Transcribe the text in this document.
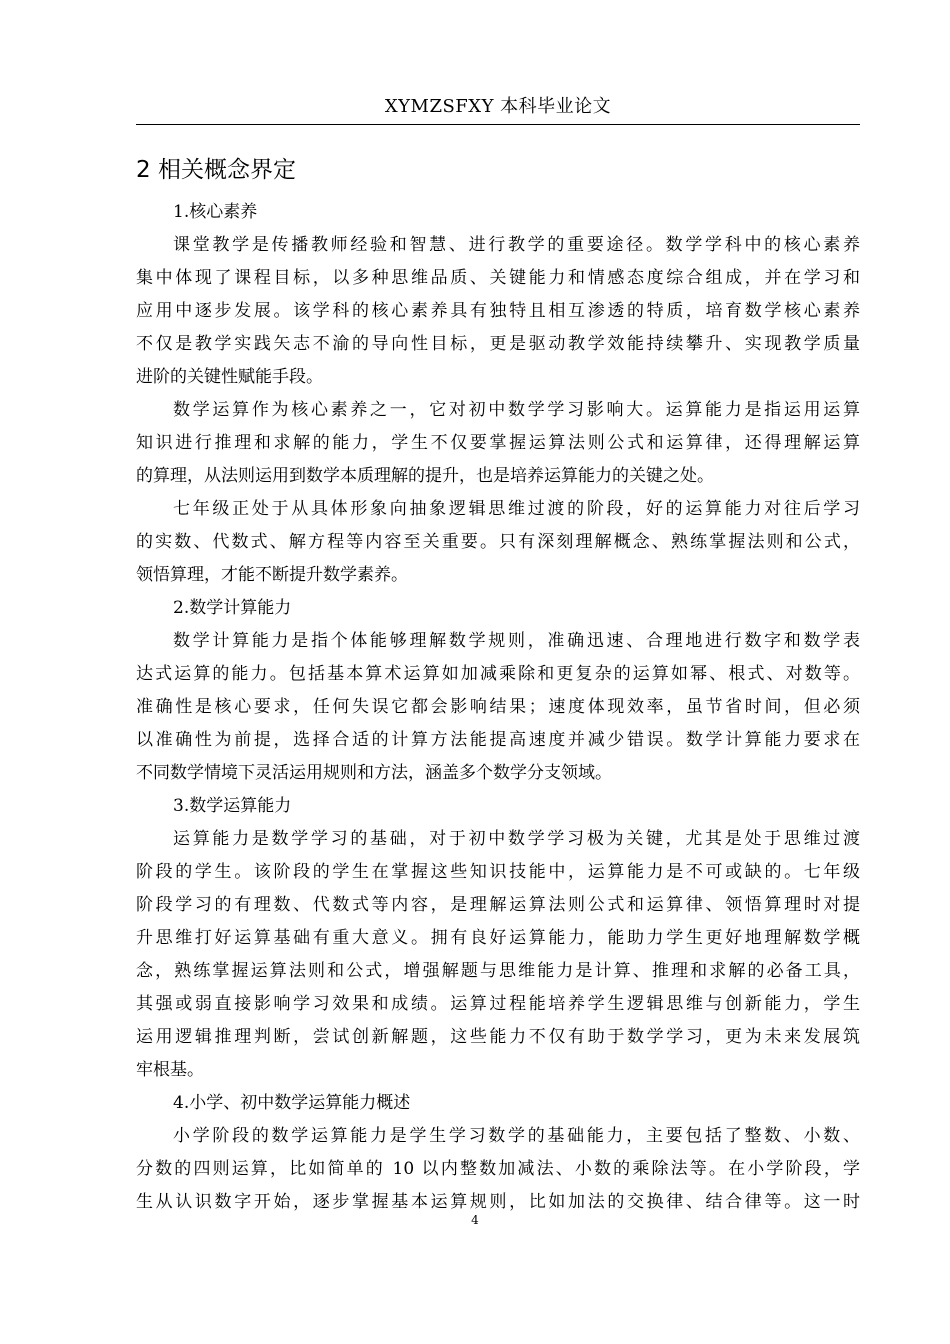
XYMZSFXY 本科毕业论文
2 相关概念界定
1.核心素养
课堂教学是传播教师经验和智慧、进行教学的重要途径。数学学科中的核心素养
集中体现了课程目标，以多种思维品质、关键能力和情感态度综合组成，并在学习和
应用中逐步发展。该学科的核心素养具有独特且相互渗透的特质，培育数学核心素养
不仅是教学实践矢志不渝的导向性目标，更是驱动教学效能持续攀升、实现教学质量
进阶的关键性赋能手段。
数学运算作为核心素养之一，它对初中数学学习影响大。运算能力是指运用运算
知识进行推理和求解的能力，学生不仅要掌握运算法则公式和运算律，还得理解运算
的算理，从法则运用到数学本质理解的提升，也是培养运算能力的关键之处。
七年级正处于从具体形象向抽象逻辑思维过渡的阶段，好的运算能力对往后学习
的实数、代数式、解方程等内容至关重要。只有深刻理解概念、熟练掌握法则和公式，
领悟算理，才能不断提升数学素养。
2.数学计算能力
数学计算能力是指个体能够理解数学规则，准确迅速、合理地进行数字和数学表
达式运算的能力。包括基本算术运算如加减乘除和更复杂的运算如幂、根式、对数等。
准确性是核心要求，任何失误它都会影响结果；速度体现效率，虽节省时间，但必须
以准确性为前提，选择合适的计算方法能提高速度并减少错误。数学计算能力要求在
不同数学情境下灵活运用规则和方法，涵盖多个数学分支领域。
3.数学运算能力
运算能力是数学学习的基础，对于初中数学学习极为关键，尤其是处于思维过渡
阶段的学生。该阶段的学生在掌握这些知识技能中，运算能力是不可或缺的。七年级
阶段学习的有理数、代数式等内容，是理解运算法则公式和运算律、领悟算理时对提
升思维打好运算基础有重大意义。拥有良好运算能力，能助力学生更好地理解数学概
念，熟练掌握运算法则和公式，增强解题与思维能力是计算、推理和求解的必备工具，
其强或弱直接影响学习效果和成绩。运算过程能培养学生逻辑思维与创新能力，学生
运用逻辑推理判断，尝试创新解题，这些能力不仅有助于数学学习，更为未来发展筑
牢根基。
4.小学、初中数学运算能力概述
小学阶段的数学运算能力是学生学习数学的基础能力，主要包括了整数、小数、
分数的四则运算，比如简单的 10 以内整数加减法、小数的乘除法等。在小学阶段，学
生从认识数字开始，逐步掌握基本运算规则，比如加法的交换律、结合律等。这一时
4
